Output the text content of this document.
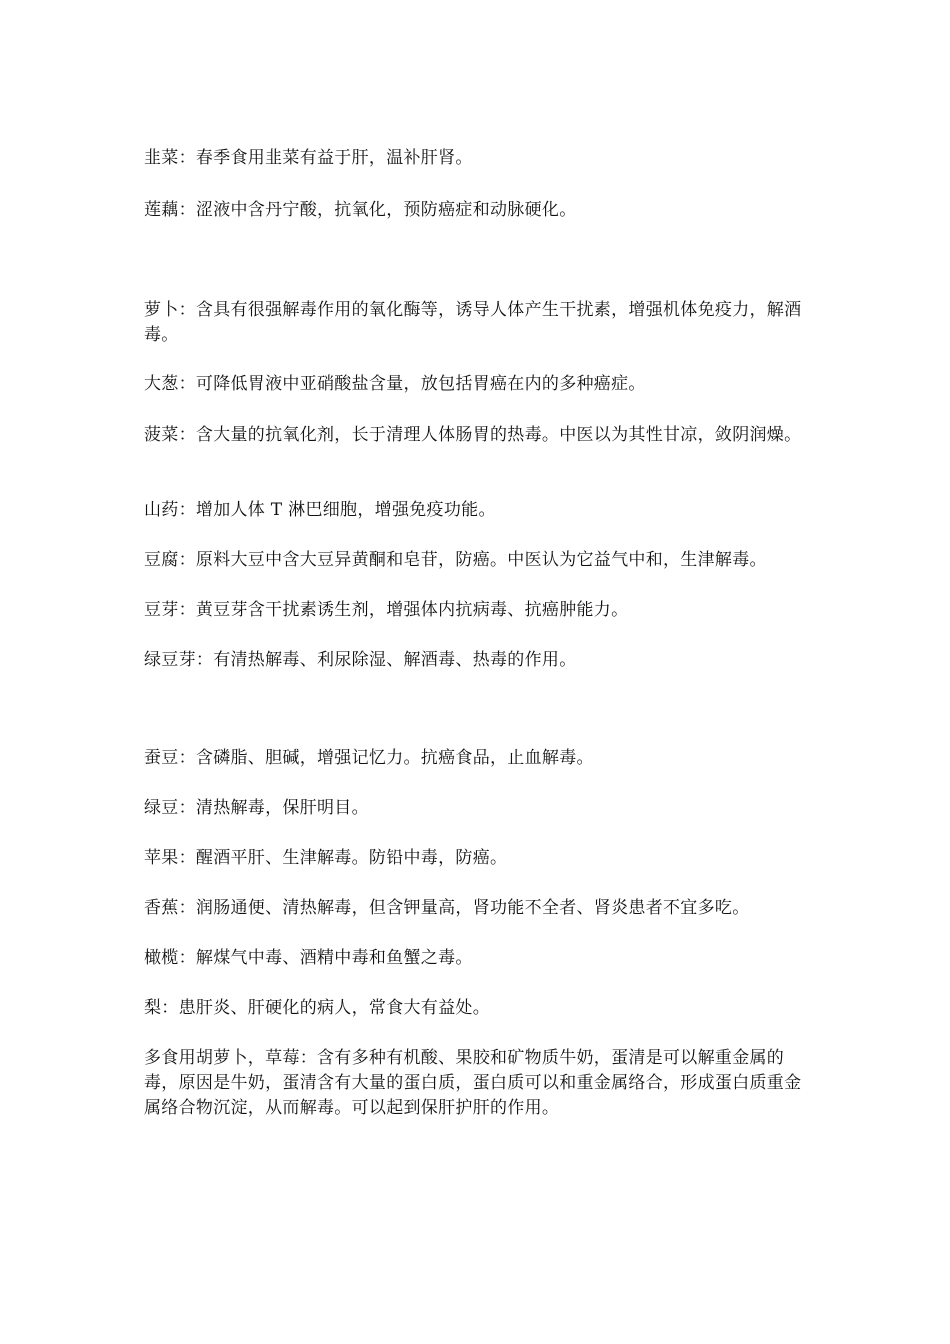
韭菜：春季食用韭菜有益于肝，温补肝肾。

莲藕：涩液中含丹宁酸，抗氧化，预防癌症和动脉硬化。

萝卜：含具有很强解毒作用的氧化酶等，诱导人体产生干扰素，增强机体免疫力，解酒毒。

大葱：可降低胃液中亚硝酸盐含量，放包括胃癌在内的多种癌症。

菠菜：含大量的抗氧化剂，长于清理人体肠胃的热毒。中医以为其性甘凉，敛阴润燥。

山药：增加人体 T 淋巴细胞，增强免疫功能。

豆腐：原料大豆中含大豆异黄酮和皂苷，防癌。中医认为它益气中和，生津解毒。

豆芽：黄豆芽含干扰素诱生剂，增强体内抗病毒、抗癌肿能力。

绿豆芽：有清热解毒、利尿除湿、解酒毒、热毒的作用。

蚕豆：含磷脂、胆碱，增强记忆力。抗癌食品，止血解毒。

绿豆：清热解毒，保肝明目。

苹果：醒酒平肝、生津解毒。防铅中毒，防癌。

香蕉：润肠通便、清热解毒，但含钾量高，肾功能不全者、肾炎患者不宜多吃。

橄榄：解煤气中毒、酒精中毒和鱼蟹之毒。

梨：患肝炎、肝硬化的病人，常食大有益处。

多食用胡萝卜，草莓：含有多种有机酸、果胶和矿物质牛奶，蛋清是可以解重金属的毒，原因是牛奶，蛋清含有大量的蛋白质，蛋白质可以和重金属络合，形成蛋白质重金属络合物沉淀，从而解毒。可以起到保肝护肝的作用。
